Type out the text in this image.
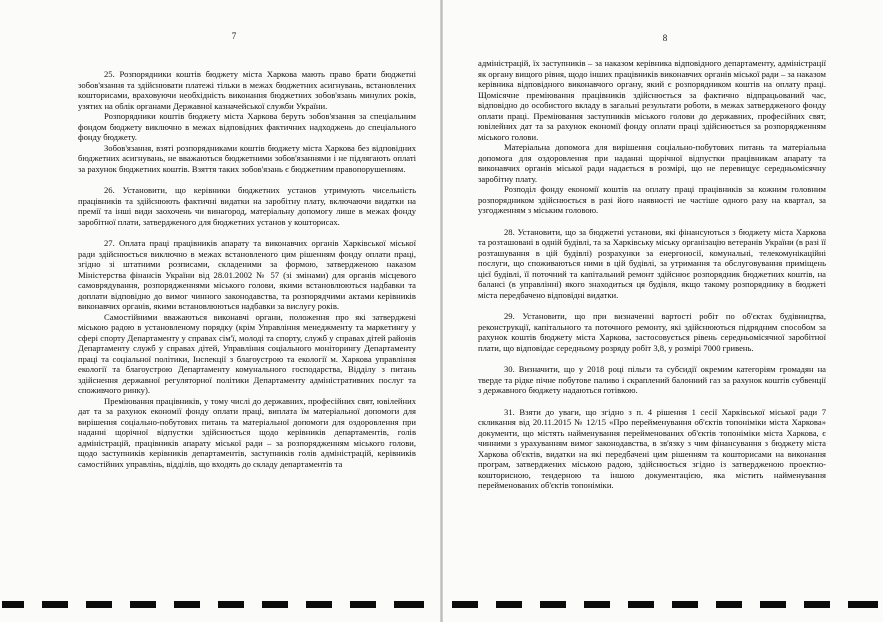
7

25. Розпорядники коштів бюджету міста Харкова мають право брати бюджетні зобов'язання та здійснювати платежі тільки в межах бюджетних асигнувань, встановлених кошторисами, враховуючи необхідність виконання бюджетних зобов'язань минулих років, узятих на облік органами Державної казначейської служби України.

Розпорядники коштів бюджету міста Харкова беруть зобов'язання за спеціальним фондом бюджету виключно в межах відповідних фактичних надходжень до спеціального фонду бюджету.

Зобов'язання, взяті розпорядниками коштів бюджету міста Харкова без відповідних бюджетних асигнувань, не вважаються бюджетними зобов'язаннями і не підлягають оплаті за рахунок бюджетних коштів. Взяття таких зобов'язань є бюджетним правопорушенням.

26. Установити, що керівники бюджетних установ утримують чисельність працівників та здійснюють фактичні видатки на заробітну плату, включаючи видатки на премії та інші види заохочень чи винагород, матеріальну допомогу лише в межах фонду заробітної плати, затвердженого для бюджетних установ у кошторисах.

27. Оплата праці працівників апарату та виконавчих органів Харківської міської ради здійснюється виключно в межах встановленого цим рішенням фонду оплати праці, згідно зі штатними розписами, складеними за формою, затвердженою наказом Міністерства фінансів України від 28.01.2002 № 57 (зі змінами) для органів місцевого самоврядування, розпорядженнями міського голови, якими встановлюються надбавки та доплати відповідно до вимог чинного законодавства, та розпорядчими актами керівників виконавчих органів, якими встановлюються надбавки за вислугу років.

Самостійними вважаються виконавчі органи, положення про які затверджені міською радою в установленому порядку (крім Управління менеджменту та маркетингу у сфері спорту Департаменту у справах сім'ї, молоді та спорту, служб у справах дітей районів Департаменту служб у справах дітей, Управління соціального моніторингу Департаменту праці та соціальної політики, Інспекції з благоустрою та екології м. Харкова управління екології та благоустрою Департаменту комунального господарства, Відділу з питань здійснення державної регуляторної політики Департаменту адміністративних послуг та споживчого ринку).

Преміювання працівників, у тому числі до державних, професійних свят, ювілейних дат та за рахунок економії фонду оплати праці, виплата їм матеріальної допомоги для вирішення соціально-побутових питань та матеріальної допомоги для оздоровлення при наданні щорічної відпустки здійснюється щодо керівників департаментів, голів адміністрацій, працівників апарату міської ради – за розпорядженням міського голови, щодо заступників керівників департаментів, заступників голів адміністрацій, керівників самостійних управлінь, відділів, що входять до складу департаментів та

8

адміністрацій, їх заступників – за наказом керівника відповідного департаменту, адміністрації як органу вищого рівня, щодо інших працівників виконавчих органів міської ради – за наказом керівника відповідного виконавчого органу, який є розпорядником коштів на оплату праці. Щомісячне преміювання працівників здійснюється за фактично відпрацьований час, відповідно до особистого вкладу в загальні результати роботи, в межах затвердженого фонду оплати праці. Преміювання заступників міського голови до державних, професійних свят, ювілейних дат та за рахунок економії фонду оплати праці здійснюється за розпорядженням міського голови.

Матеріальна допомога для вирішення соціально-побутових питань та матеріальна допомога для оздоровлення при наданні щорічної відпустки працівникам апарату та виконавчих органів міської ради надається в розмірі, що не перевищує середньомісячну заробітну плату.

Розподіл фонду економії коштів на оплату праці працівників за кожним головним розпорядником здійснюється в разі його наявності не частіше одного разу на квартал, за узгодженням з міським головою.

28. Установити, що за бюджетні установи, які фінансуються з бюджету міста Харкова та розташовані в одній будівлі, та за Харківську міську організацію ветеранів України (в разі її розташування в цій будівлі) розрахунки за енергоносії, комунальні, телекомунікаційні послуги, що споживаються ними в цій будівлі, за утримання та обслуговування приміщень цієї будівлі, її поточний та капітальний ремонт здійснює розпорядник бюджетних коштів, на балансі (в управлінні) якого знаходиться ця будівля, якщо такому розпоряднику в бюджеті міста передбачено відповідні видатки.

29. Установити, що при визначенні вартості робіт по об'єктах будівництва, реконструкції, капітального та поточного ремонту, які здійснюються підрядним способом за рахунок коштів бюджету міста Харкова, застосовується рівень середньомісячної заробітної плати, що відповідає середньому розряду робіт 3,8, у розмірі 7000 гривень.

30. Визначити, що у 2018 році пільги та субсидії окремим категоріям громадян на тверде та рідке пічне побутове паливо і скраплений балонний газ за рахунок коштів субвенції з державного бюджету надаються готівкою.

31. Взяти до уваги, що згідно з п. 4 рішення 1 сесії Харківської міської ради 7 скликання від 20.11.2015 № 12/15 «Про перейменування об'єктів топоніміки міста Харкова» документи, що містять найменування перейменованих об'єктів топоніміки міста Харкова, є чинними з урахуванням вимог законодавства, в зв'язку з чим фінансування з бюджету міста Харкова об'єктів, видатки на які передбачені цим рішенням та кошторисами на виконання програм, затверджених міською радою, здійснюється згідно із затвердженою проектно-кошторисною, тендерною та іншою документацією, яка містить найменування перейменованих об'єктів топоніміки.
